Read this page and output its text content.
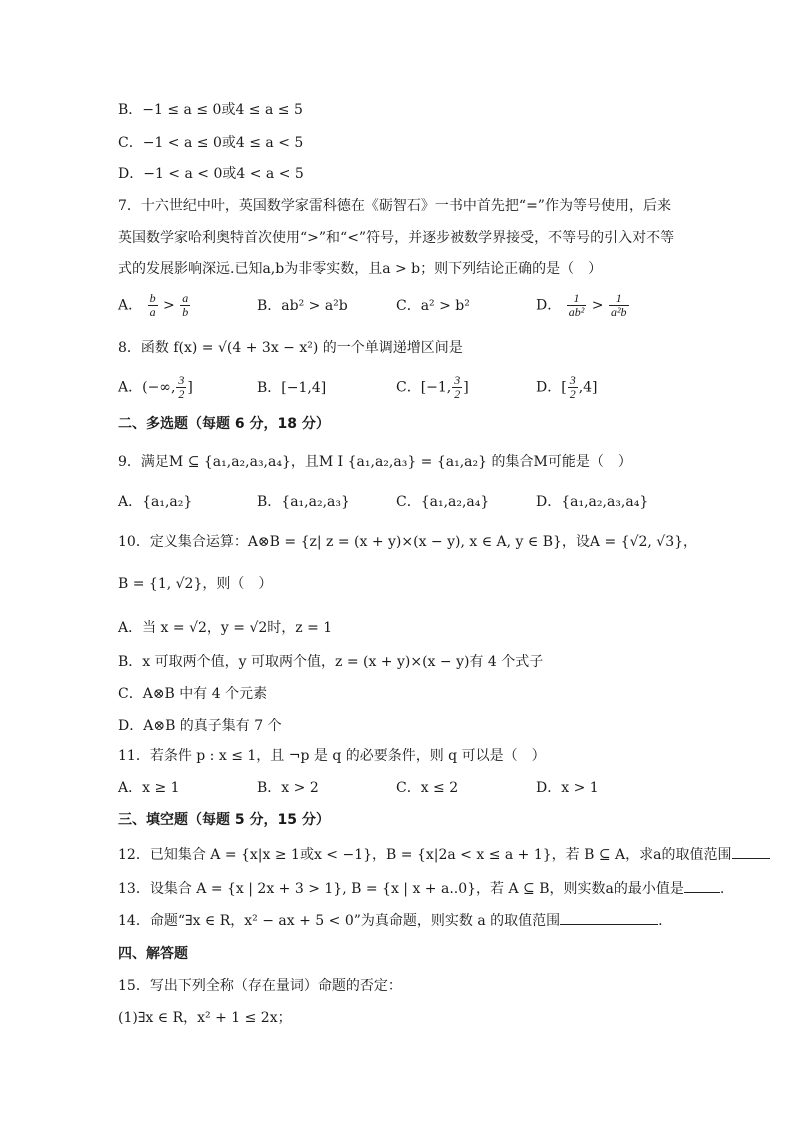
B．−1 ≤ a ≤ 0或4 ≤ a ≤ 5
C．−1 < a ≤ 0或4 ≤ a < 5
D．−1 < a < 0或4 < a < 5
7．十六世纪中叶，英国数学家雷科德在《砺智石》一书中首先把“=”作为等号使用，后来
英国数学家哈利奥特首次使用“>”和“<”符号，并逐步被数学界接受，不等号的引入对不等
式的发展影响深远.已知a,b为非零实数，且a > b；则下列结论正确的是（　）
A． $\frac{b}{a} > \frac{a}{b}$	B．ab² > a²b	C．a² > b²	D． $\frac{1}{\text{ab²}} > \frac{1}{\text{a²b}}$
8．函数 f(x) = √(4 + 3x − x²) 的一个单调递增区间是
A．(−∞, $\frac{3}{2}$ ]	B．[−1,4]	C．[−1, $\frac{3}{2}$ ]	D．[ $\frac{3}{2} ,4$]
二、多选题（每题 6 分，18 分）
9．满足M ⊆ {a₁,a₂,a₃,a₄}，且M I {a₁,a₂,a₃} = {a₁,a₂} 的集合M可能是（　）
A．{a₁,a₂}	B．{a₁,a₂,a₃}	C．{a₁,a₂,a₄}	D．{a₁,a₂,a₃,a₄}
10．定义集合运算：A⊗B = {z| z = (x + y)×(x − y), x ∈ A, y ∈ B}，设A = {√2, √3}，
B = {1, √2}，则（　）
A．当 x = √2，y = √2时，z = 1
B．x 可取两个值，y 可取两个值，z = (x + y)×(x − y)有 4 个式子
C．A⊗B 中有 4 个元素
D．A⊗B 的真子集有 7 个
11．若条件 p : x ≤ 1，且 ¬p 是 q 的必要条件，则 q 可以是（　）
A．x ≥ 1	B．x > 2	C．x ≤ 2	D．x > 1
三、填空题（每题 5 分，15 分）
12．已知集合 A = {x|x ≥ 1或x < −1}，B = {x|2a < x ≤ a + 1}，若 B ⊆ A，求a的取值范围
13．设集合 A = {x | 2x + 3 > 1}, B = {x | x + a..0}，若 A ⊆ B，则实数a的最小值是	.
14．命题“∃x ∈ R，x² − ax + 5 < 0”为真命题，则实数 a 的取值范围	.
四、解答题
15．写出下列全称（存在量词）命题的否定：
(1)∃x ∈ R，x² + 1 ≤ 2x；
